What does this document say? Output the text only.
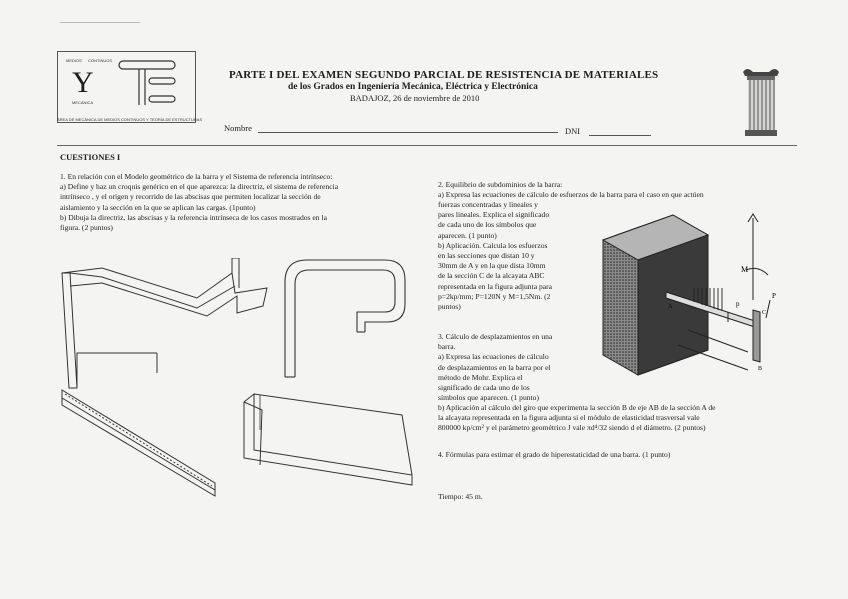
MEDIOS CONTINUOS
Y
MECÁNICA
ÁREA DE MECÁNICA DE MEDIOS CONTINUOS Y TEORÍA DE ESTRUCTURAS
PARTE I DEL EXAMEN SEGUNDO PARCIAL DE RESISTENCIA DE MATERIALES
de los Grados en Ingeniería Mecánica, Eléctrica y Electrónica
BADAJOZ, 26 de noviembre de 2010
Nombre	DNI
CUESTIONES I

1. En relación con el Modelo geométrico de la barra y el Sistema de referencia intrínseco:

a) Define y haz un croquis genérico en el que aparezca: la directriz, el sistema de referencia

intrínseco , y el origen y recorrido de las abscisas que permiten localizar la sección de

aislamiento y la sección en la que se aplican las cargas. (1punto)

b) Dibuja la directriz, las abscisas y la referencia intrínseca de los casos mostrados en la

figura. (2 puntos)

2. Equilibrio de subdominios de la barra:

a) Expresa las ecuaciones de cálculo de esfuerzos de la barra para el caso en que actúen

fuerzas concentradas y lineales y

pares lineales. Explica el significado

de cada uno de los símbolos que

aparecen. (1 punto)

b) Aplicación. Calcula los esfuerzos

en las secciones que distan 10 y

30mm de A y en la que dista 10mm

de la sección C de la alcayata ABC

representada en la figura adjunta para

p=2kp/mm; P=120N y M=1,5Nm. (2

puntos)

M
P
p
A
B
C

3. Cálculo de desplazamientos en una

barra.

a) Expresa las ecuaciones de cálculo

de desplazamientos en la barra por el

método de Mohr. Explica el

significado de cada uno de los

símbolos que aparecen. (1 punto)

b) Aplicación al cálculo del giro que experimenta la sección B de eje AB de la sección A de

la alcayata representada en la figura adjunta si el módulo de elasticidad trasversal vale

800000 kp/cm² y el parámetro geométrico J vale πd⁴/32 siendo d el diámetro. (2 puntos)

4. Fórmulas para estimar el grado de hiperestaticidad de una barra. (1 punto)

Tiempo: 45 m.
